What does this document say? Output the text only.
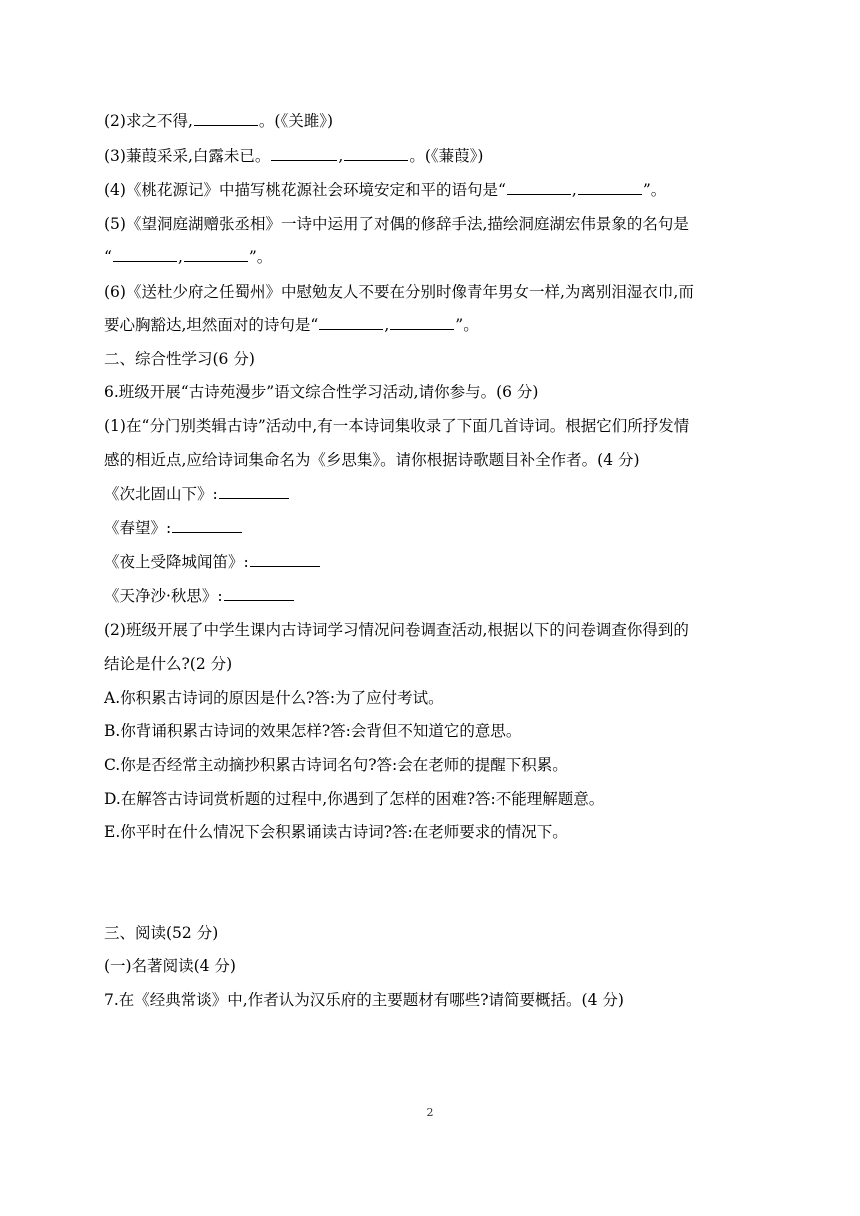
(2)求之不得,	。(《关雎》)
(3)蒹葭采采,白露未已。	,	。(《蒹葭》)
(4)《桃花源记》中描写桃花源社会环境安定和平的语句是“	,	”。
(5)《望洞庭湖赠张丞相》一诗中运用了对偶的修辞手法,描绘洞庭湖宏伟景象的名句是
“	,	”。
(6)《送杜少府之任蜀州》中慰勉友人不要在分别时像青年男女一样,为离别泪湿衣巾,而
要心胸豁达,坦然面对的诗句是“	,	”。
二、综合性学习(6 分)
6.班级开展“古诗苑漫步”语文综合性学习活动,请你参与。(6 分)
(1)在“分门别类辑古诗”活动中,有一本诗词集收录了下面几首诗词。根据它们所抒发情
感的相近点,应给诗词集命名为《乡思集》。请你根据诗歌题目补全作者。(4 分)
《次北固山下》:
《春望》:
《夜上受降城闻笛》:
《天净沙·秋思》:
(2)班级开展了中学生课内古诗词学习情况问卷调查活动,根据以下的问卷调查你得到的
结论是什么?(2 分)
A.你积累古诗词的原因是什么?答:为了应付考试。
B.你背诵积累古诗词的效果怎样?答:会背但不知道它的意思。
C.你是否经常主动摘抄积累古诗词名句?答:会在老师的提醒下积累。
D.在解答古诗词赏析题的过程中,你遇到了怎样的困难?答:不能理解题意。
E.你平时在什么情况下会积累诵读古诗词?答:在老师要求的情况下。
三、阅读(52 分)
(一)名著阅读(4 分)
7.在《经典常谈》中,作者认为汉乐府的主要题材有哪些?请简要概括。(4 分)
2
